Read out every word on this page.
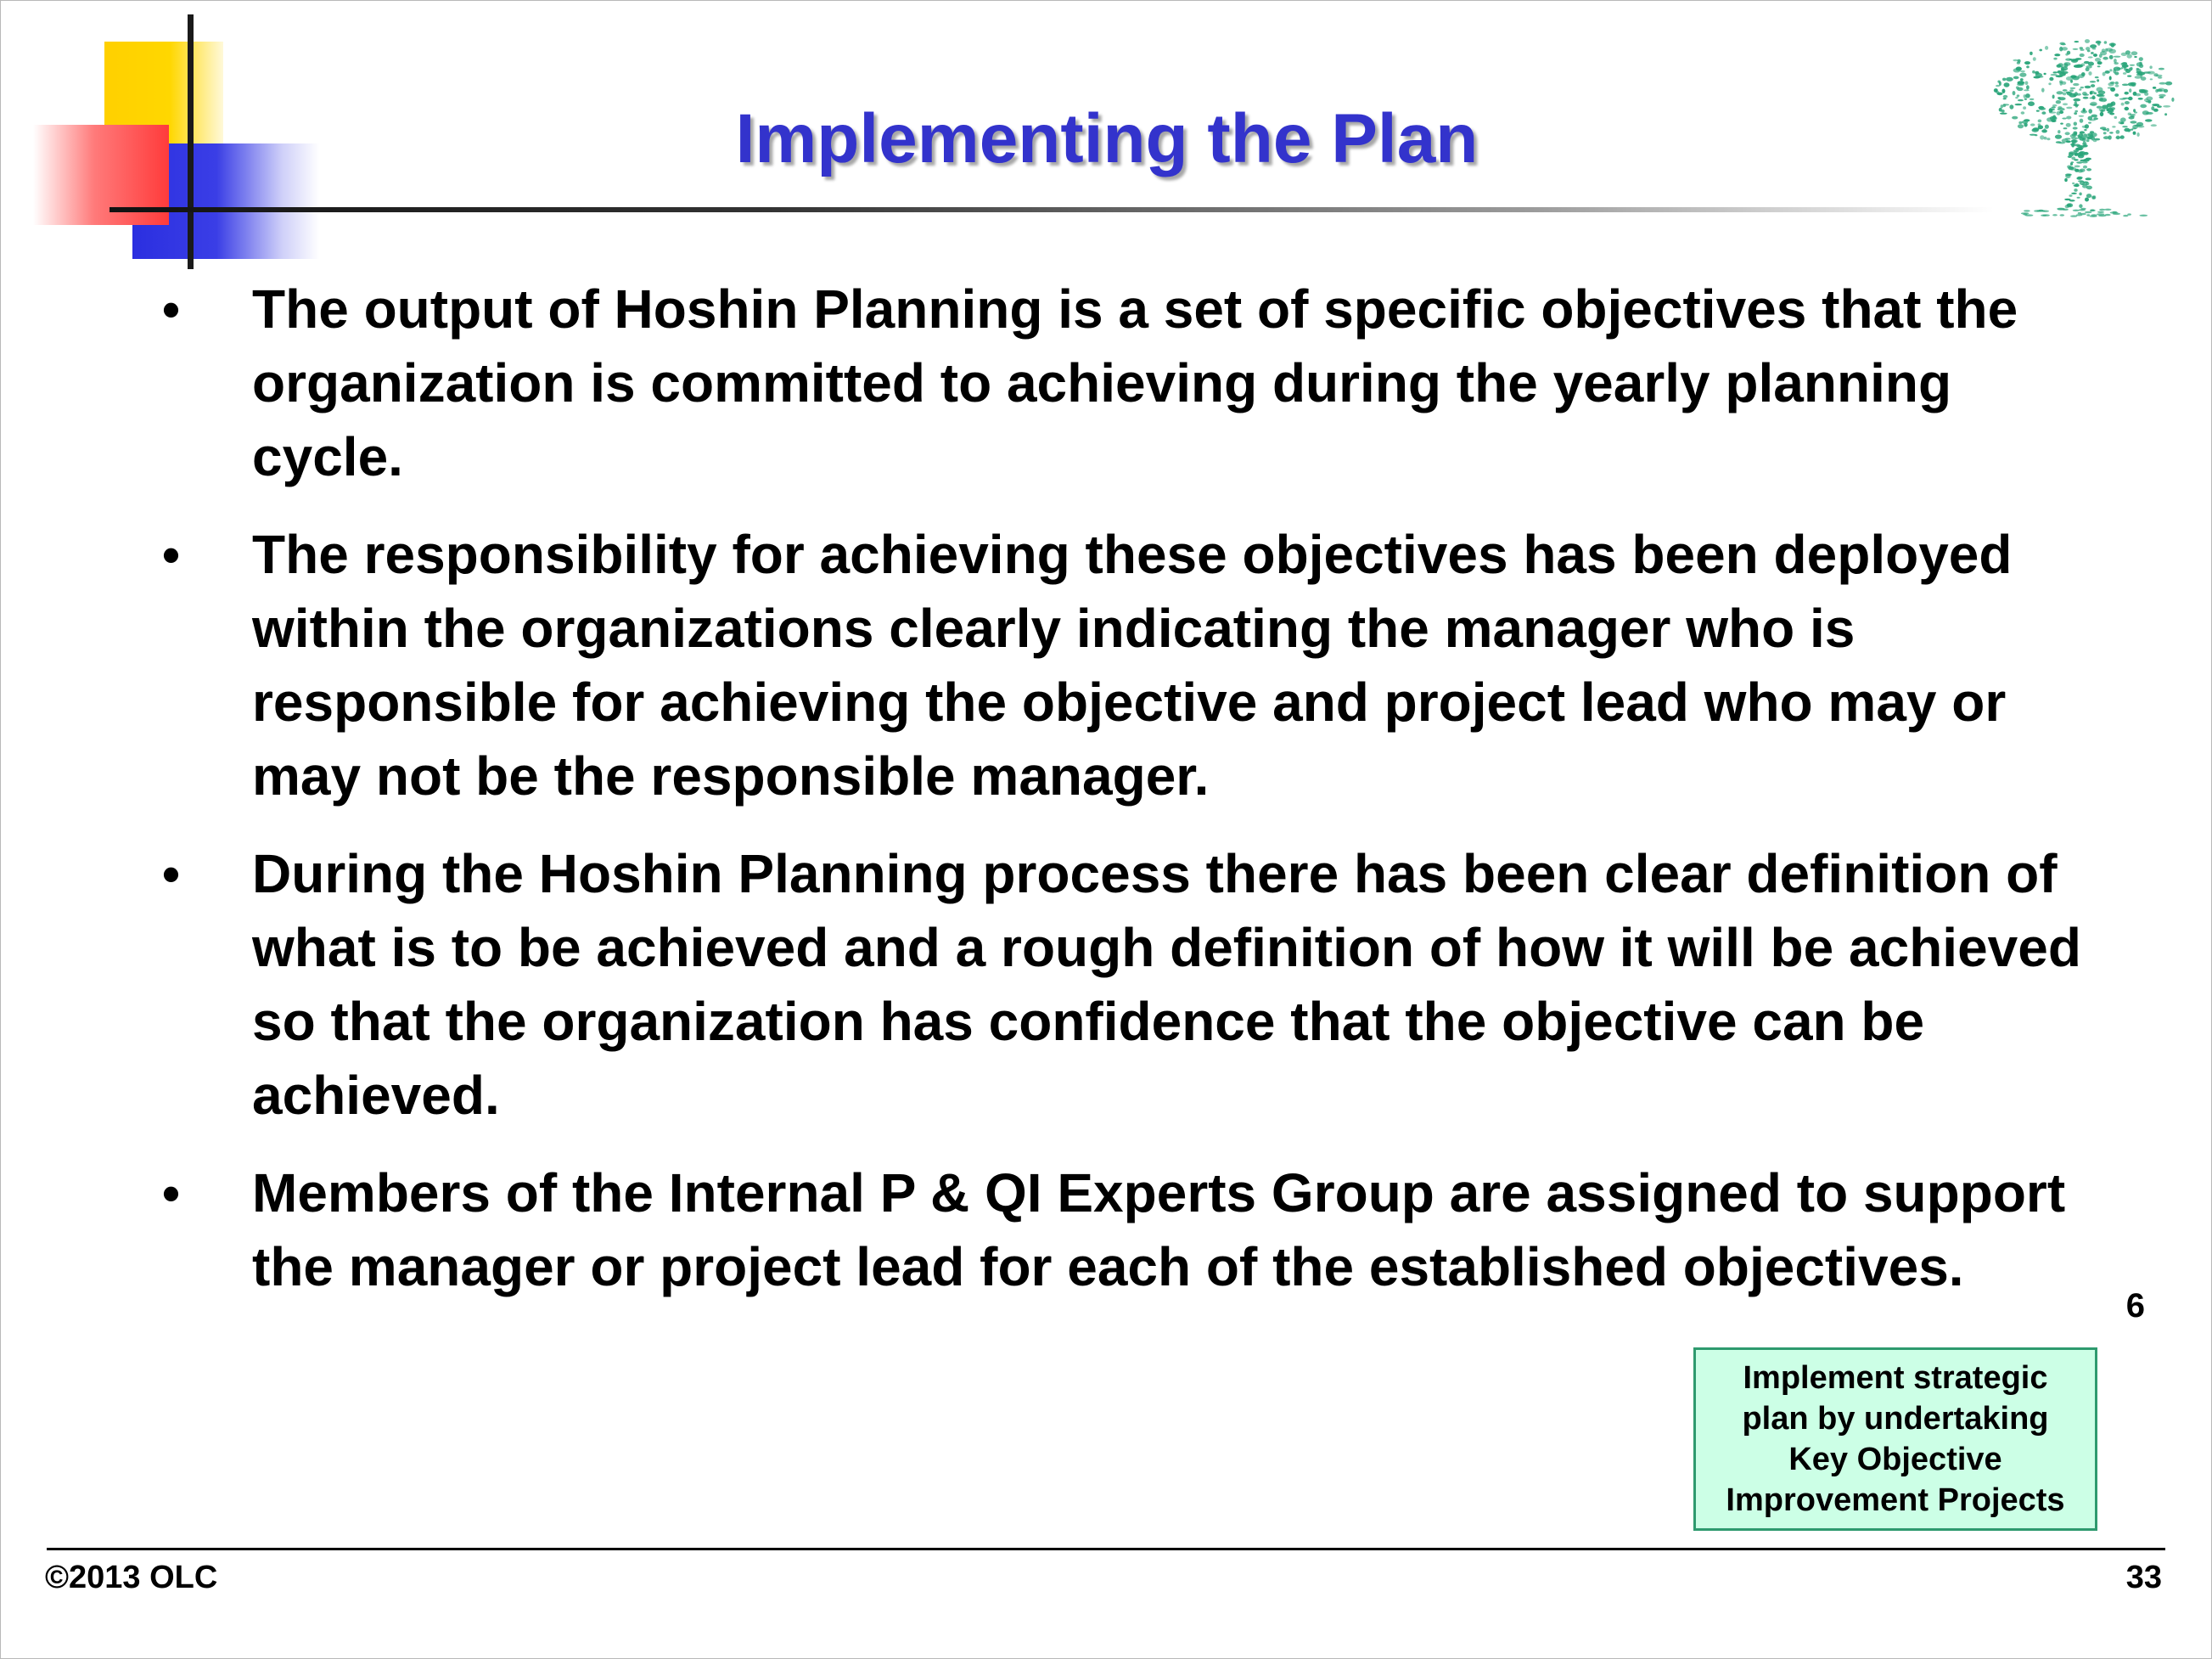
Implementing the Plan
• The output of Hoshin Planning is a set of specific objectives that the organization is committed to achieving during the yearly planning cycle.
• The responsibility for achieving these objectives has been deployed within the organizations clearly indicating the manager who is responsible for achieving the objective and project lead who may or may not be the responsible manager.
• During the Hoshin Planning process there has been clear definition of what is to be achieved and a rough definition of how it will be achieved so that the organization has confidence that the objective can be achieved.
• Members of the Internal P & QI Experts Group are assigned to support the manager or project lead for each of the established objectives.
6
Implement strategic plan by undertaking Key Objective Improvement Projects
©2013 OLC	33
